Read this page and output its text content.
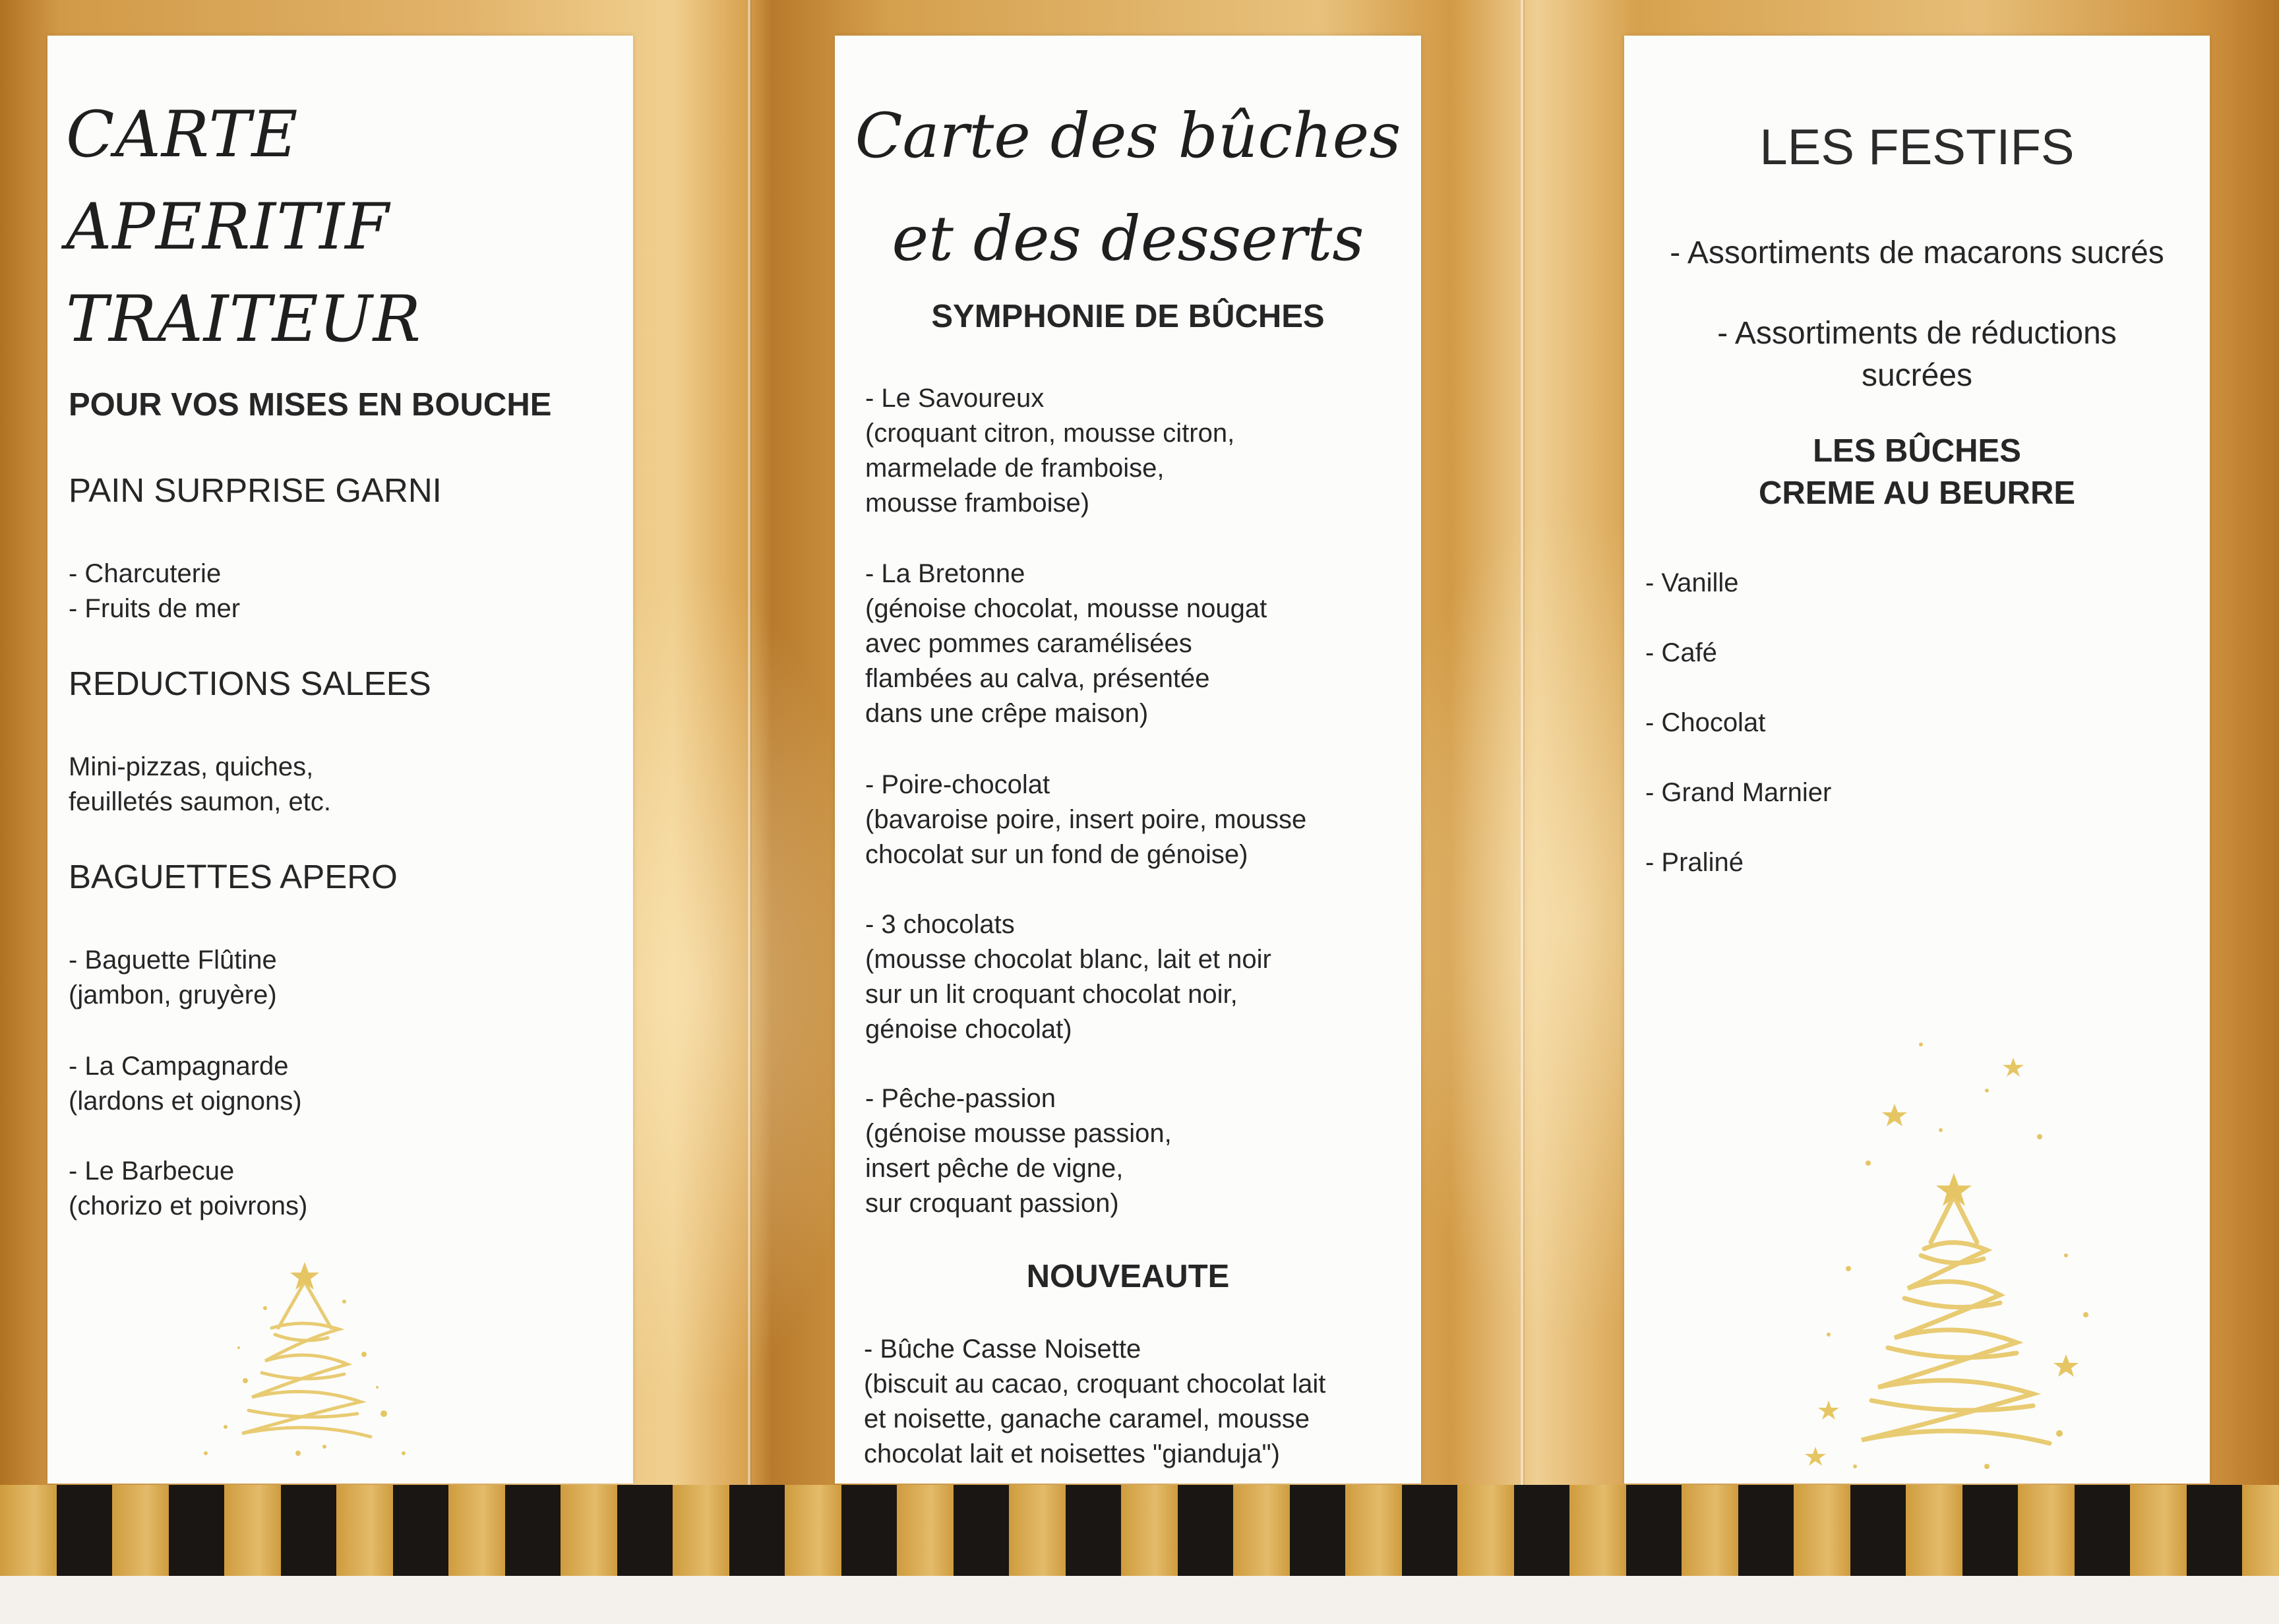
CARTE
APERITIF
TRAITEUR

POUR VOS MISES EN BOUCHE

PAIN SURPRISE GARNI

- Charcuterie
- Fruits de mer

REDUCTIONS SALEES

Mini-pizzas, quiches,
feuilletés saumon, etc.

BAGUETTES APERO

- Baguette Flûtine
(jambon, gruyère)

- La Campagnarde
(lardons et oignons)

- Le Barbecue
(chorizo et poivrons)

Carte des bûches

et des desserts

SYMPHONIE DE BÛCHES

- Le Savoureux
(croquant citron, mousse citron,
marmelade de framboise,
mousse framboise)

- La Bretonne
(génoise chocolat, mousse nougat
avec pommes caramélisées
flambées au calva, présentée
dans une crêpe maison)

- Poire-chocolat
(bavaroise poire, insert poire, mousse
chocolat sur un fond de génoise)

- 3 chocolats
(mousse chocolat blanc, lait et noir
sur un lit croquant chocolat noir,
génoise chocolat)

- Pêche-passion
(génoise mousse passion,
insert pêche de vigne,
sur croquant passion)

NOUVEAUTE

- Bûche Casse Noisette
(biscuit au cacao, croquant chocolat lait
et noisette, ganache caramel, mousse
chocolat lait et noisettes "gianduja")

LES FESTIFS

- Assortiments de macarons sucrés

- Assortiments de réductions
sucrées

LES BÛCHES
CREME AU BEURRE

- Vanille

- Café

- Chocolat

- Grand Marnier

- Praliné
